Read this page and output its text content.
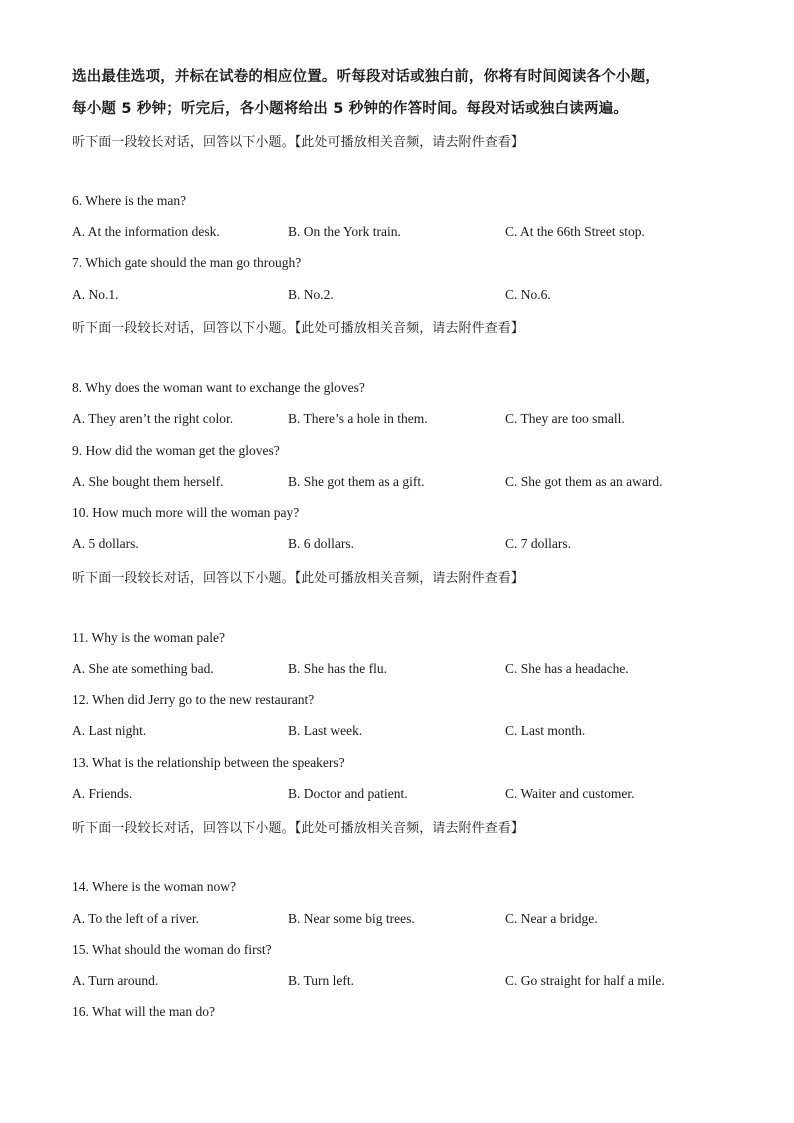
选出最佳选项，并标在试卷的相应位置。听每段对话或独白前，你将有时间阅读各个小题，
每小题 5 秒钟；听完后，各小题将给出 5 秒钟的作答时间。每段对话或独白读两遍。
听下面一段较长对话，回答以下小题。【此处可播放相关音频，请去附件查看】
6. Where is the man?
A. At the information desk.	B. On the York train.	C. At the 66th Street stop.
7. Which gate should the man go through?
A. No.1.	B. No.2.	C. No.6.
听下面一段较长对话，回答以下小题。【此处可播放相关音频，请去附件查看】
8. Why does the woman want to exchange the gloves?
A. They aren’t the right color.	B. There’s a hole in them.	C. They are too small.
9. How did the woman get the gloves?
A. She bought them herself.	B. She got them as a gift.	C. She got them as an award.
10. How much more will the woman pay?
A. 5 dollars.	B. 6 dollars.	C. 7 dollars.
听下面一段较长对话，回答以下小题。【此处可播放相关音频，请去附件查看】
11. Why is the woman pale?
A. She ate something bad.	B. She has the flu.	C. She has a headache.
12. When did Jerry go to the new restaurant?
A. Last night.	B. Last week.	C. Last month.
13. What is the relationship between the speakers?
A. Friends.	B. Doctor and patient.	C. Waiter and customer.
听下面一段较长对话，回答以下小题。【此处可播放相关音频，请去附件查看】
14. Where is the woman now?
A. To the left of a river.	B. Near some big trees.	C. Near a bridge.
15. What should the woman do first?
A. Turn around.	B. Turn left.	C. Go straight for half a mile.
16. What will the man do?
